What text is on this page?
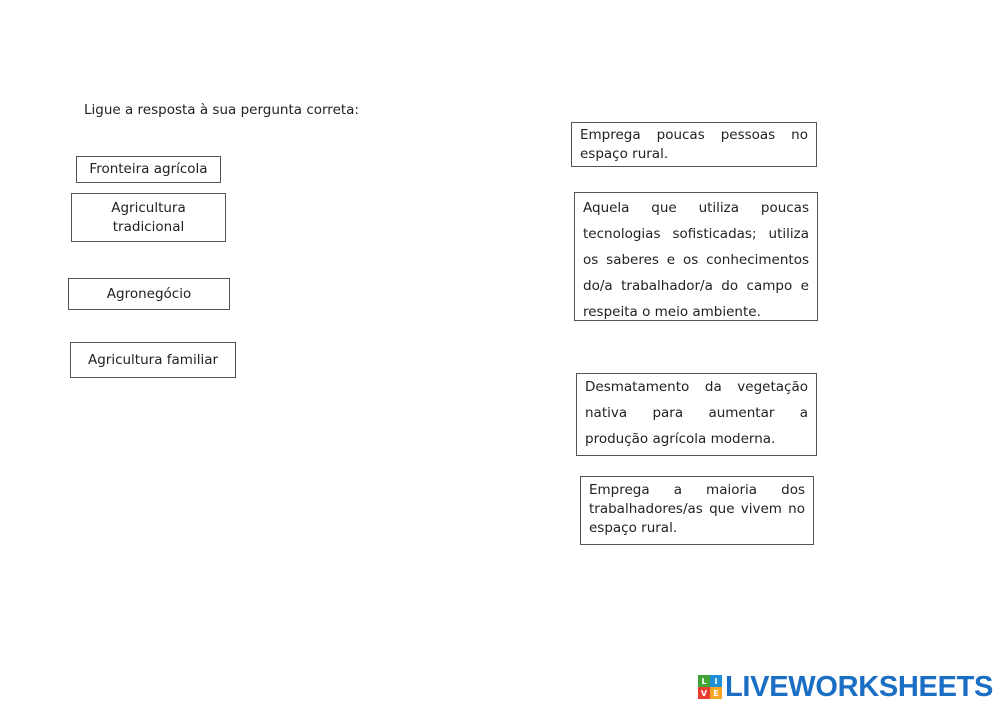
Ligue a resposta à sua pergunta correta:
Fronteira agrícola
Agricultura
tradicional
Agronegócio
Agricultura familiar
Emprega poucas pessoas no espaço rural.
Aquela que utiliza poucas tecnologias sofisticadas; utiliza os saberes e os conhecimentos do/a trabalhador/a do campo e respeita o meio ambiente.
Desmatamento da vegetação nativa para aumentar a produção agrícola moderna.
Emprega a maioria dos trabalhadores/as que vivem no espaço rural.
L I
V E LIVEWORKSHEETS
